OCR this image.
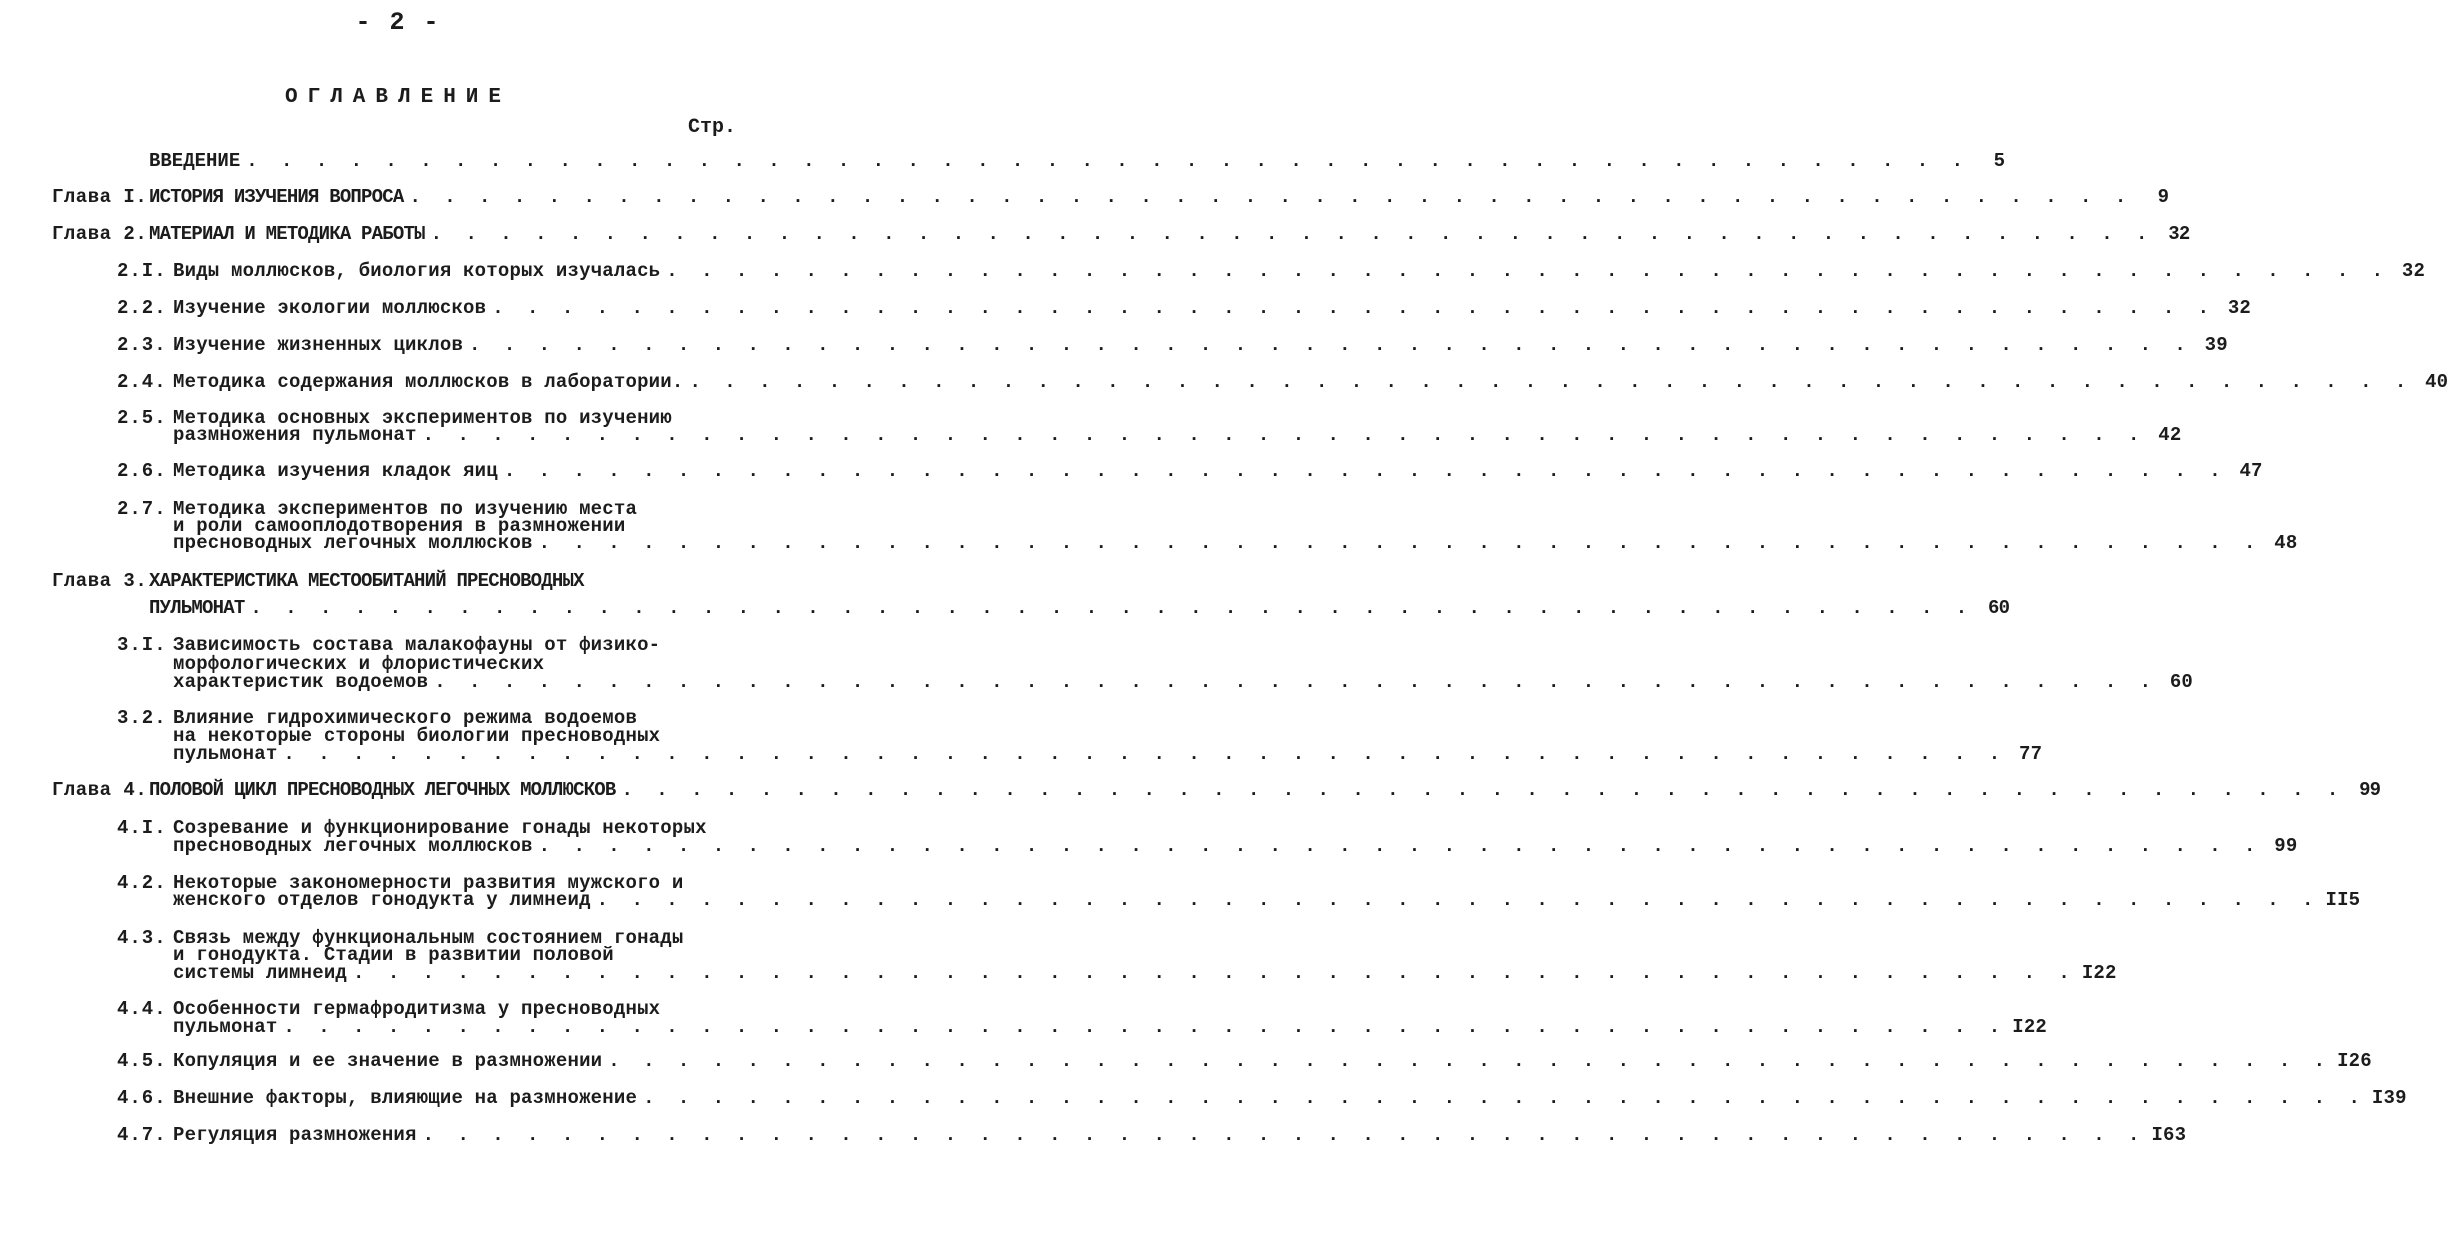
- 2 -
ОГЛАВЛЕНИЕ
Стр.
ВВЕДЕНИЕ . . . . . . . . . . . . . . . . . . . . . . . . . . . . . . . . . . . . . . . . . . . . . . . . . .	5
Глава I. ИСТОРИЯ ИЗУЧЕНИЯ ВОПРОСА . . . . . . . . . . . . . . . . . . . . . . . . . . . . . . . . . . . . . . . . . . . . . . . . . .	9
Глава 2. МАТЕРИАЛ И МЕТОДИКА РАБОТЫ . . . . . . . . . . . . . . . . . . . . . . . . . . . . . . . . . . . . . . . . . . . . . . . . . . 32
2.I. Виды моллюсков, биология которых изучалась . . . . . . . . . . . . . . . . . . . . . . . . . . . . . . . . . . . . . . . . . . . . . . . . . . 32
2.2. Изучение экологии моллюсков . . . . . . . . . . . . . . . . . . . . . . . . . . . . . . . . . . . . . . . . . . . . . . . . . . 32
2.3. Изучение жизненных циклов . . . . . . . . . . . . . . . . . . . . . . . . . . . . . . . . . . . . . . . . . . . . . . . . . . 39
2.4. Методика содержания моллюсков в лаборатории. . . . . . . . . . . . . . . . . . . . . . . . . . . . . . . . . . . . . . . . . . . . . . . . . . . 40
2.5. Методика основных экспериментов по изучению
размножения пульмонат . . . . . . . . . . . . . . . . . . . . . . . . . . . . . . . . . . . . . . . . . . . . . . . . . . 42
2.6. Методика изучения кладок яиц . . . . . . . . . . . . . . . . . . . . . . . . . . . . . . . . . . . . . . . . . . . . . . . . . . 47
2.7. Методика экспериментов по изучению места
и роли самооплодотворения в размножении
пресноводных легочных моллюсков . . . . . . . . . . . . . . . . . . . . . . . . . . . . . . . . . . . . . . . . . . . . . . . . . . 48
Глава 3. ХАРАКТЕРИСТИКА МЕСТООБИТАНИЙ ПРЕСНОВОДНЫХ
ПУЛЬМОНАТ . . . . . . . . . . . . . . . . . . . . . . . . . . . . . . . . . . . . . . . . . . . . . . . . . . 60
3.I. Зависимость состава малакофауны от физико-
морфологических и флористических
характеристик водоемов . . . . . . . . . . . . . . . . . . . . . . . . . . . . . . . . . . . . . . . . . . . . . . . . . . 60
3.2. Влияние гидрохимического режима водоемов
на некоторые стороны биологии пресноводных
пульмонат . . . . . . . . . . . . . . . . . . . . . . . . . . . . . . . . . . . . . . . . . . . . . . . . . . 77
Глава 4. ПОЛОВОЙ ЦИКЛ ПРЕСНОВОДНЫХ ЛЕГОЧНЫХ МОЛЛЮСКОВ . . . . . . . . . . . . . . . . . . . . . . . . . . . . . . . . . . . . . . . . . . . . . . . . . . 99
4.I. Созревание и функционирование гонады некоторых
пресноводных легочных моллюсков . . . . . . . . . . . . . . . . . . . . . . . . . . . . . . . . . . . . . . . . . . . . . . . . . . 99
4.2. Некоторые закономерности развития мужского и
женского отделов гонодукта у лимнеид . . . . . . . . . . . . . . . . . . . . . . . . . . . . . . . . . . . . . . . . . . . . . . . . . . II5
4.3. Связь между функциональным состоянием гонады
и гонодукта. Стадии в развитии половой
системы лимнеид . . . . . . . . . . . . . . . . . . . . . . . . . . . . . . . . . . . . . . . . . . . . . . . . . . I22
4.4. Особенности гермафродитизма у пресноводных
пульмонат . . . . . . . . . . . . . . . . . . . . . . . . . . . . . . . . . . . . . . . . . . . . . . . . . . I22
4.5. Копуляция и ее значение в размножении . . . . . . . . . . . . . . . . . . . . . . . . . . . . . . . . . . . . . . . . . . . . . . . . . . I26
4.6. Внешние факторы, влияющие на размножение . . . . . . . . . . . . . . . . . . . . . . . . . . . . . . . . . . . . . . . . . . . . . . . . . . I39
4.7. Регуляция размножения . . . . . . . . . . . . . . . . . . . . . . . . . . . . . . . . . . . . . . . . . . . . . . . . . . I63
